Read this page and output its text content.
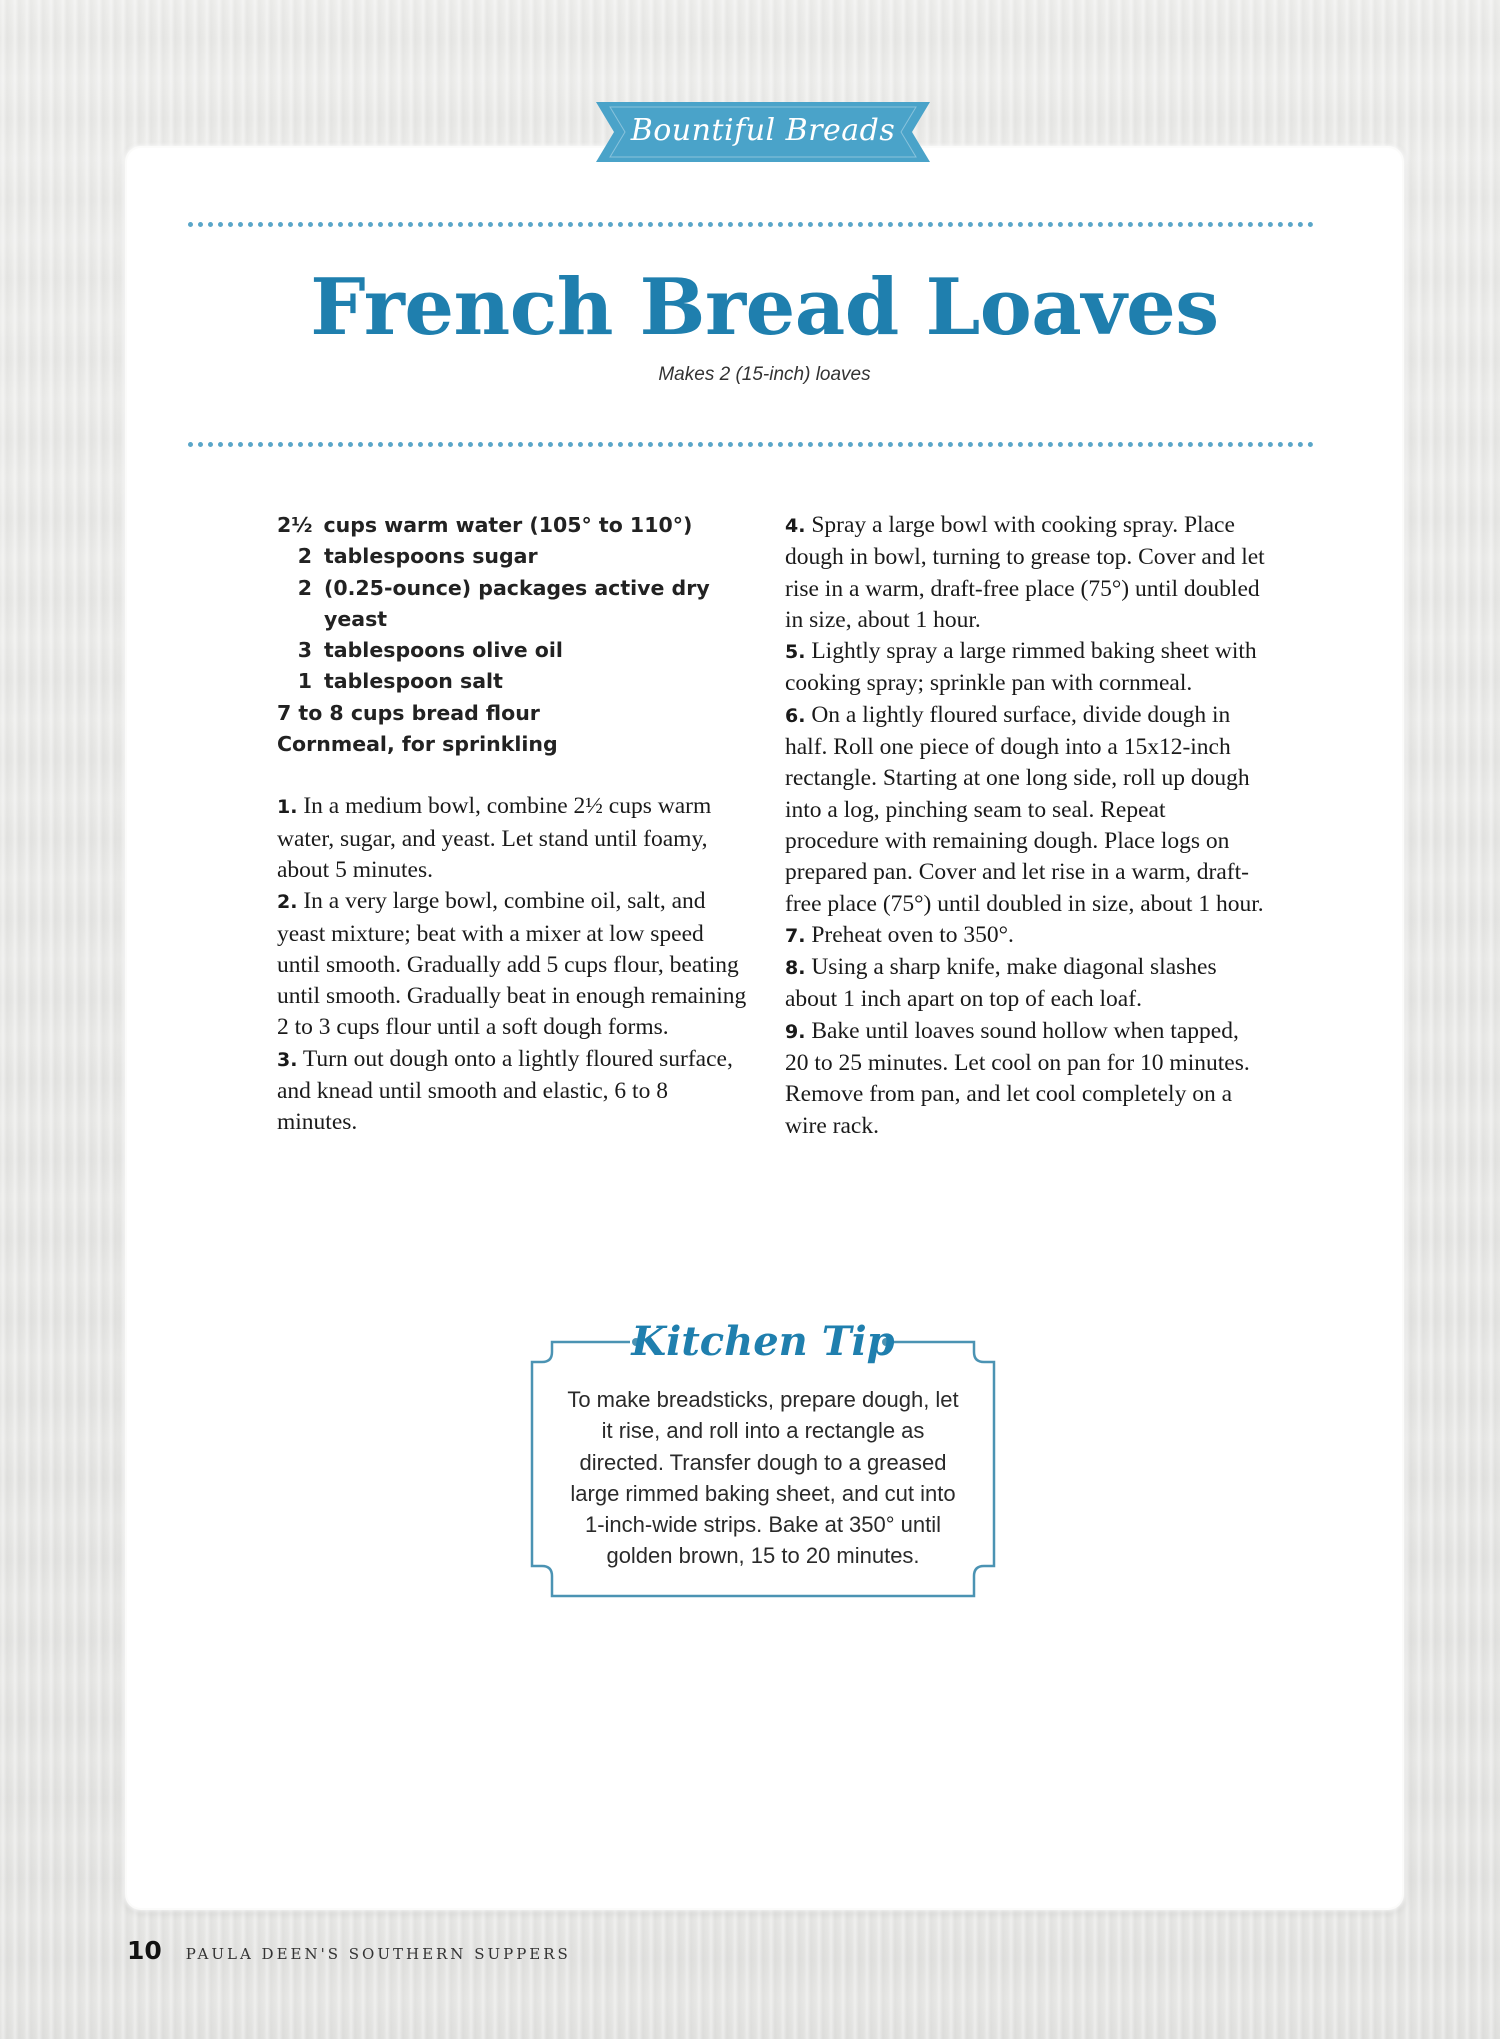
Bountiful Breads
French Bread Loaves
Makes 2 (15-inch) loaves
2½ cups warm water (105° to 110°)
2 tablespoons sugar
2 (0.25-ounce) packages active dry yeast
3 tablespoons olive oil
1 tablespoon salt
7 to 8 cups bread flour
Cornmeal, for sprinkling

1. In a medium bowl, combine 2½ cups warm water, sugar, and yeast. Let stand until foamy, about 5 minutes.

2. In a very large bowl, combine oil, salt, and yeast mixture; beat with a mixer at low speed until smooth. Gradually add 5 cups flour, beating until smooth. Gradually beat in enough remaining 2 to 3 cups flour until a soft dough forms.

3. Turn out dough onto a lightly floured surface, and knead until smooth and elastic, 6 to 8 minutes.

4. Spray a large bowl with cooking spray. Place dough in bowl, turning to grease top. Cover and let rise in a warm, draft-free place (75°) until doubled in size, about 1 hour.

5. Lightly spray a large rimmed baking sheet with cooking spray; sprinkle pan with cornmeal.

6. On a lightly floured surface, divide dough in half. Roll one piece of dough into a 15x12-inch rectangle. Starting at one long side, roll up dough into a log, pinching seam to seal. Repeat procedure with remaining dough. Place logs on prepared pan. Cover and let rise in a warm, draft-free place (75°) until doubled in size, about 1 hour.

7. Preheat oven to 350°.

8. Using a sharp knife, make diagonal slashes about 1 inch apart on top of each loaf.

9. Bake until loaves sound hollow when tapped, 20 to 25 minutes. Let cool on pan for 10 minutes. Remove from pan, and let cool completely on a wire rack.

Kitchen Tip
To make breadsticks, prepare dough, let it rise, and roll into a rectangle as directed. Transfer dough to a greased large rimmed baking sheet, and cut into 1-inch-wide strips. Bake at 350° until golden brown, 15 to 20 minutes.
10 PAULA DEEN'S SOUTHERN SUPPERS
